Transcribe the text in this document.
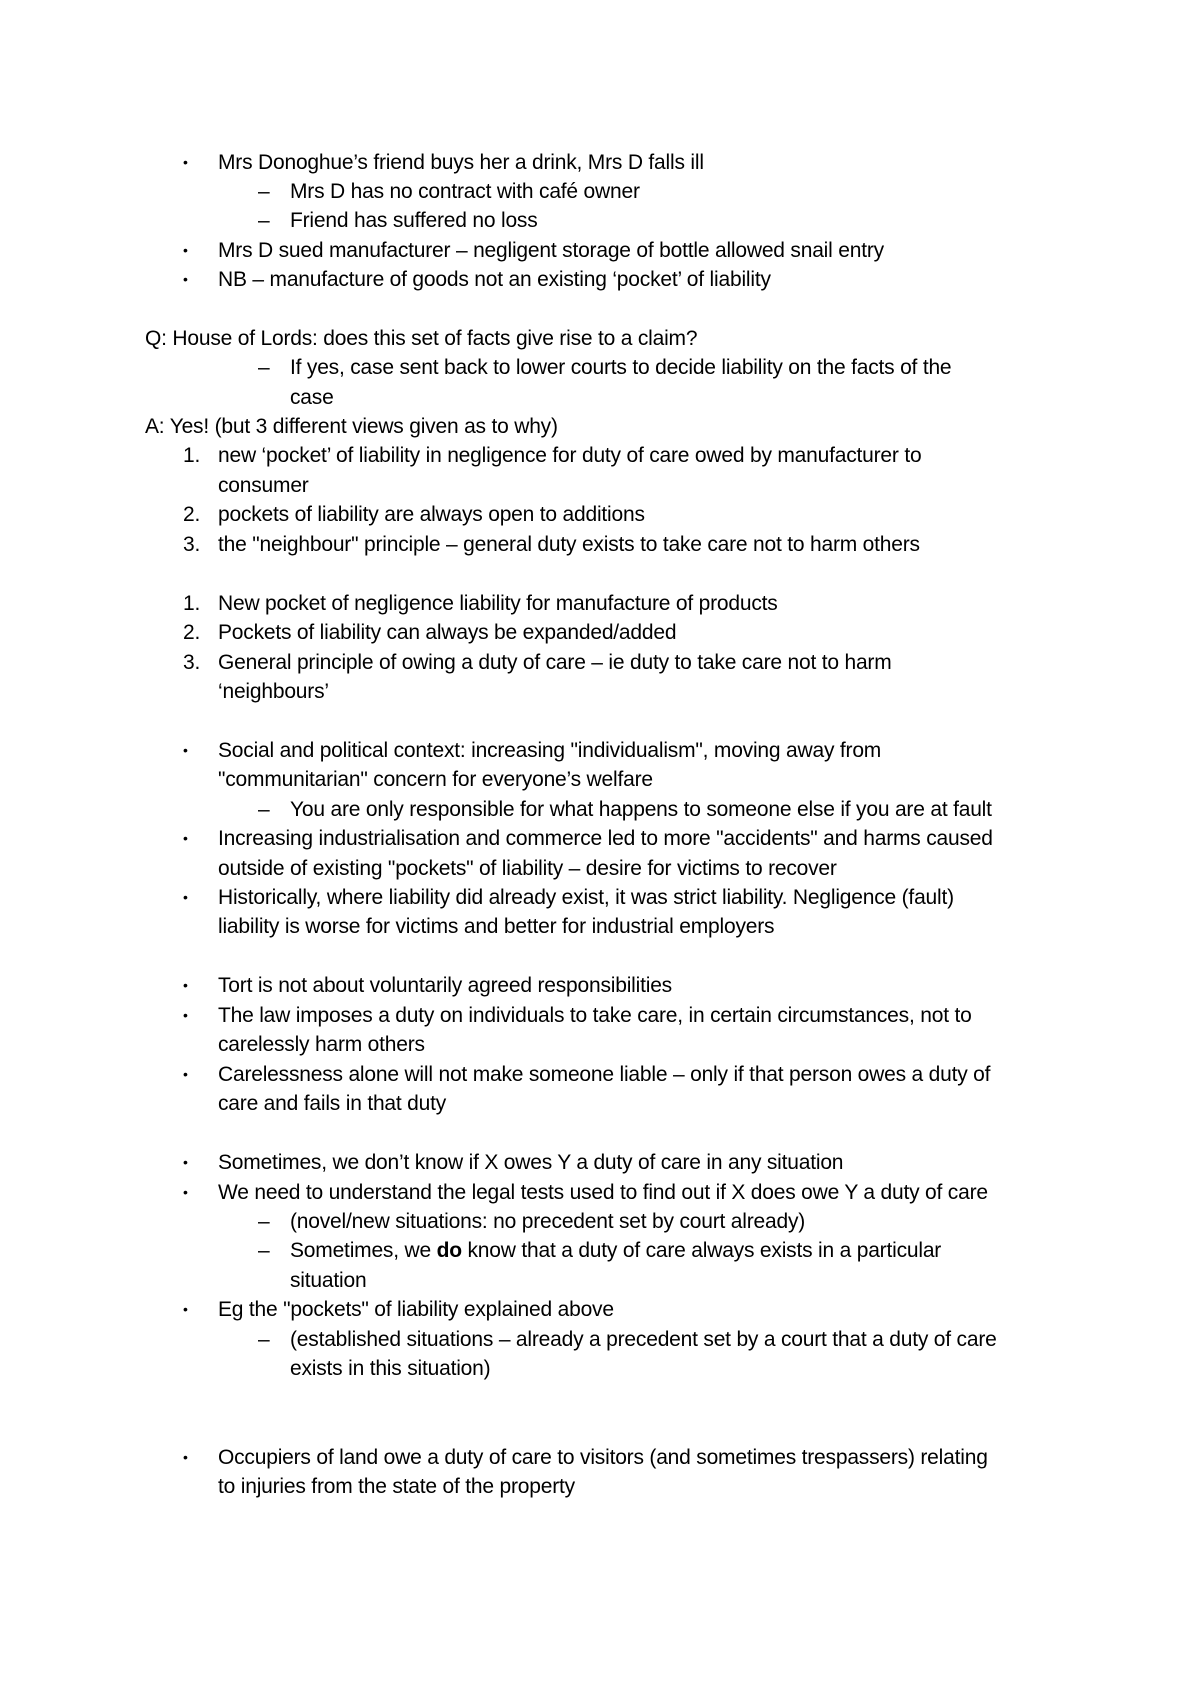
• Mrs Donoghue’s friend buys her a drink, Mrs D falls ill
– Mrs D has no contract with café owner
– Friend has suffered no loss
• Mrs D sued manufacturer – negligent storage of bottle allowed snail entry
• NB – manufacture of goods not an existing ‘pocket’ of liability
Q: House of Lords: does this set of facts give rise to a claim?
– If yes, case sent back to lower courts to decide liability on the facts of the
case
A: Yes! (but 3 different views given as to why)
1. new ‘pocket’ of liability in negligence for duty of care owed by manufacturer to
consumer
2. pockets of liability are always open to additions
3. the "neighbour" principle – general duty exists to take care not to harm others
1. New pocket of negligence liability for manufacture of products
2. Pockets of liability can always be expanded/added
3. General principle of owing a duty of care – ie duty to take care not to harm
‘neighbours’
• Social and political context: increasing "individualism", moving away from
"communitarian" concern for everyone’s welfare
– You are only responsible for what happens to someone else if you are at fault
• Increasing industrialisation and commerce led to more "accidents" and harms caused
outside of existing "pockets" of liability – desire for victims to recover
• Historically, where liability did already exist, it was strict liability. Negligence (fault)
liability is worse for victims and better for industrial employers
• Tort is not about voluntarily agreed responsibilities
• The law imposes a duty on individuals to take care, in certain circumstances, not to
carelessly harm others
• Carelessness alone will not make someone liable – only if that person owes a duty of
care and fails in that duty
• Sometimes, we don’t know if X owes Y a duty of care in any situation
• We need to understand the legal tests used to find out if X does owe Y a duty of care
– (novel/new situations: no precedent set by court already)
– Sometimes, we do know that a duty of care always exists in a particular
situation
• Eg the "pockets" of liability explained above
– (established situations – already a precedent set by a court that a duty of care
exists in this situation)
• Occupiers of land owe a duty of care to visitors (and sometimes trespassers) relating
to injuries from the state of the property
